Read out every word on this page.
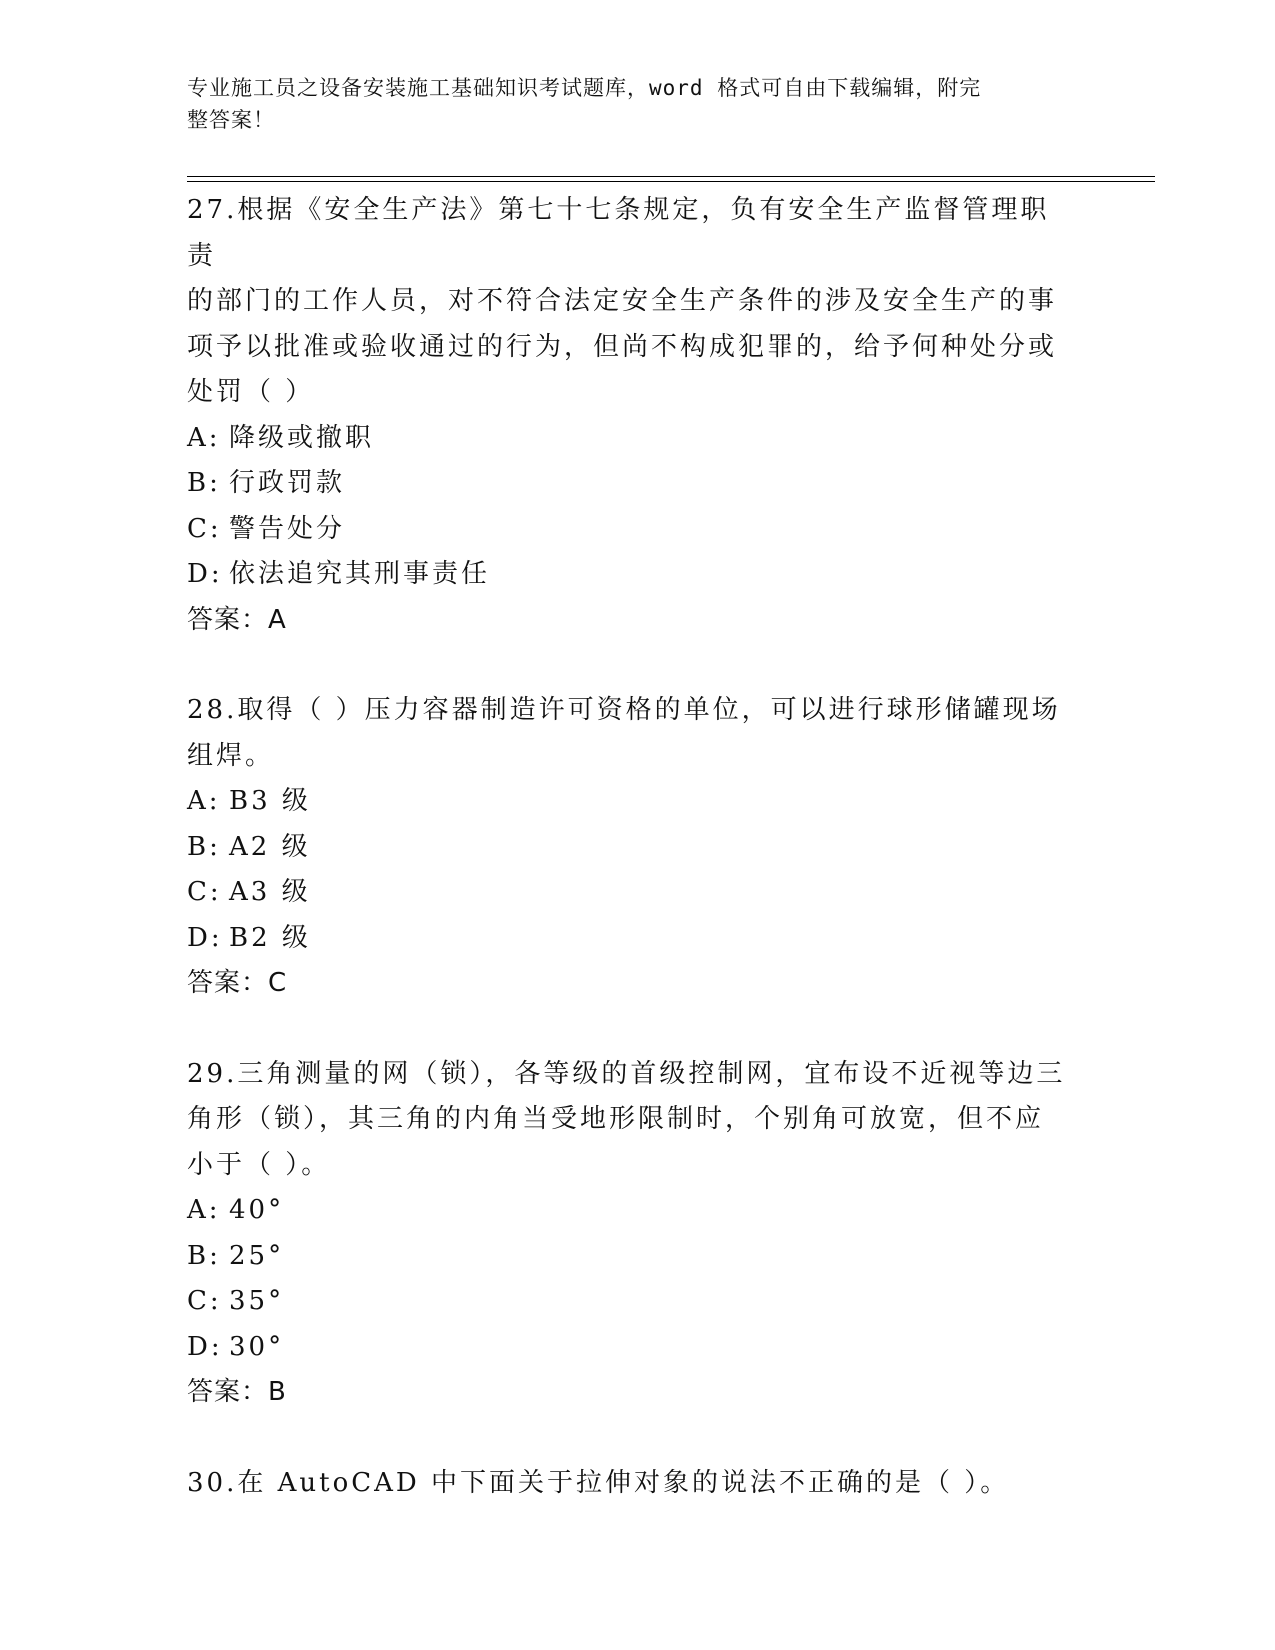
专业施工员之设备安装施工基础知识考试题库，word 格式可自由下载编辑，附完
整答案！
27.根据《安全生产法》第七十七条规定，负有安全生产监督管理职责
的部门的工作人员，对不符合法定安全生产条件的涉及安全生产的事
项予以批准或验收通过的行为，但尚不构成犯罪的，给予何种处分或
处罚（ ）
A: 降级或撤职
B: 行政罚款
C: 警告处分
D: 依法追究其刑事责任
答案：A
28.取得（ ）压力容器制造许可资格的单位，可以进行球形储罐现场
组焊。
A: B3 级
B: A2 级
C: A3 级
D: B2 级
答案：C
29.三角测量的网（锁），各等级的首级控制网，宜布设不近视等边三
角形（锁），其三角的内角当受地形限制时，个别角可放宽，但不应
小于（ ）。
A: 40°
B: 25°
C: 35°
D: 30°
答案：B
30.在 AutoCAD 中下面关于拉伸对象的说法不正确的是（ ）。
